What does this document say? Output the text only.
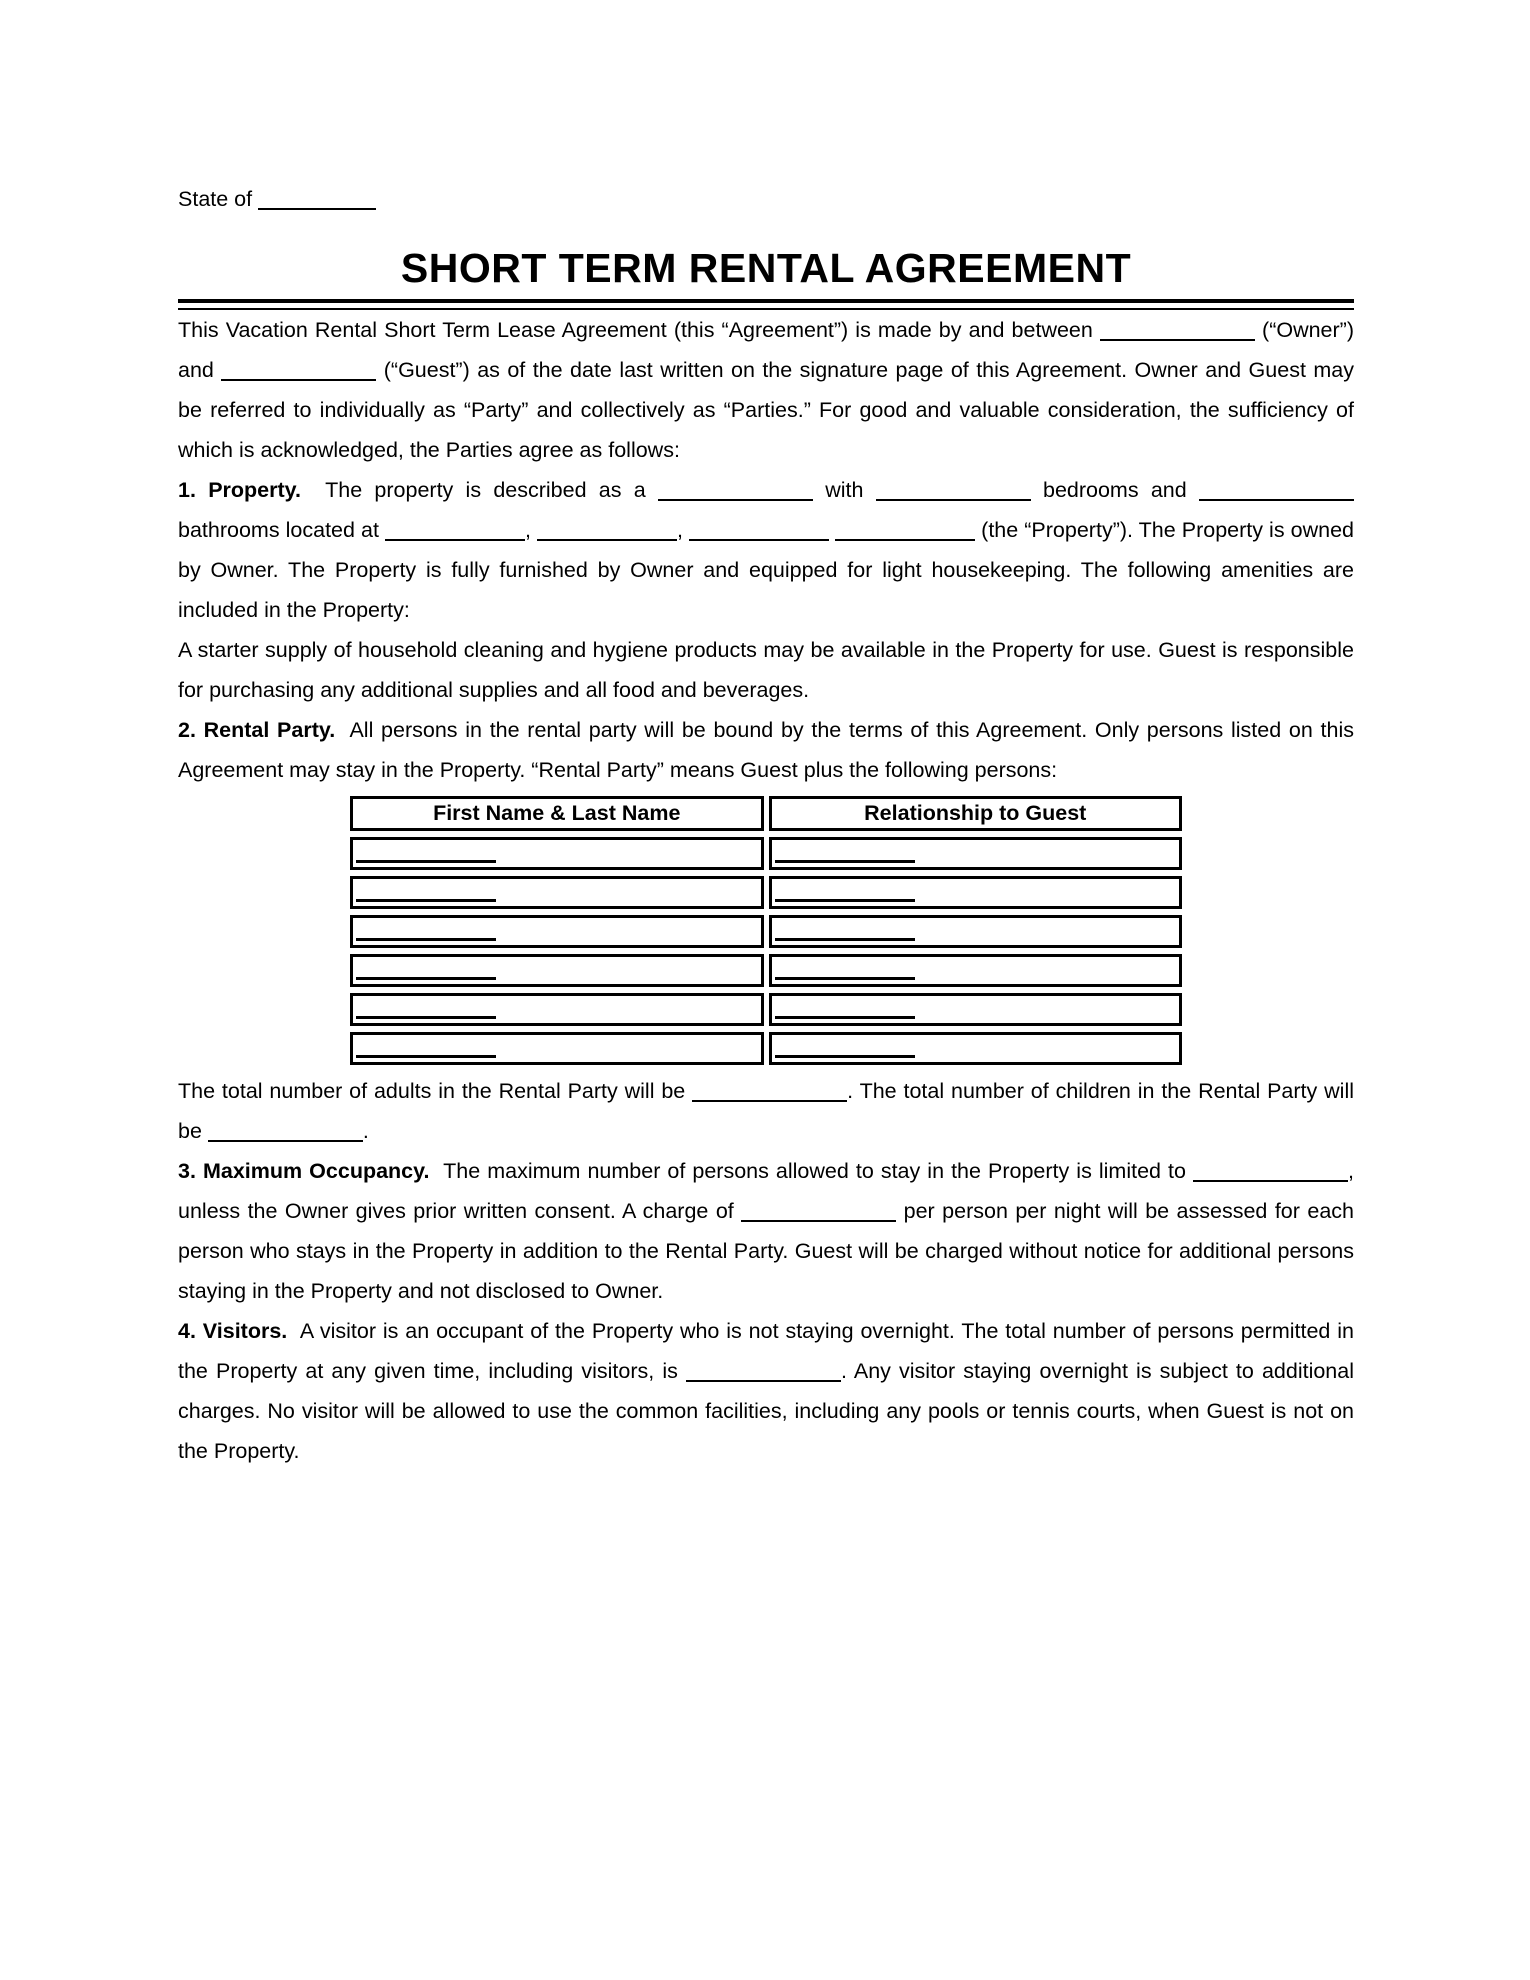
State of

SHORT TERM RENTAL AGREEMENT

This Vacation Rental Short Term Lease Agreement (this “Agreement”) is made by and between	(“Owner”) and	(“Guest”) as of the date last written on the signature page of this Agreement. Owner and Guest may be referred to individually as “Party” and collectively as “Parties.” For good and valuable consideration, the sufficiency of which is acknowledged, the Parties agree as follows:

1. Property.  The property is described as a	with	bedrooms and  bathrooms located at	,	,	(the “Property”). The Property is owned by Owner. The Property is fully furnished by Owner and equipped for light housekeeping. The following amenities are included in the Property:

A starter supply of household cleaning and hygiene products may be available in the Property for use. Guest is responsible for purchasing any additional supplies and all food and beverages.

2. Rental Party.  All persons in the rental party will be bound by the terms of this Agreement. Only persons listed on this Agreement may stay in the Property. “Rental Party” means Guest plus the following persons:

First Name & Last Name	Relationship to Guest

The total number of adults in the Rental Party will be	. The total number of children in the Rental Party will be	.

3. Maximum Occupancy.  The maximum number of persons allowed to stay in the Property is limited to	, unless the Owner gives prior written consent. A charge of	per person per night will be assessed for each person who stays in the Property in addition to the Rental Party. Guest will be charged without notice for additional persons staying in the Property and not disclosed to Owner.

4. Visitors.  A visitor is an occupant of the Property who is not staying overnight. The total number of persons permitted in the Property at any given time, including visitors, is	. Any visitor staying overnight is subject to additional charges. No visitor will be allowed to use the common facilities, including any pools or tennis courts, when Guest is not on the Property.
